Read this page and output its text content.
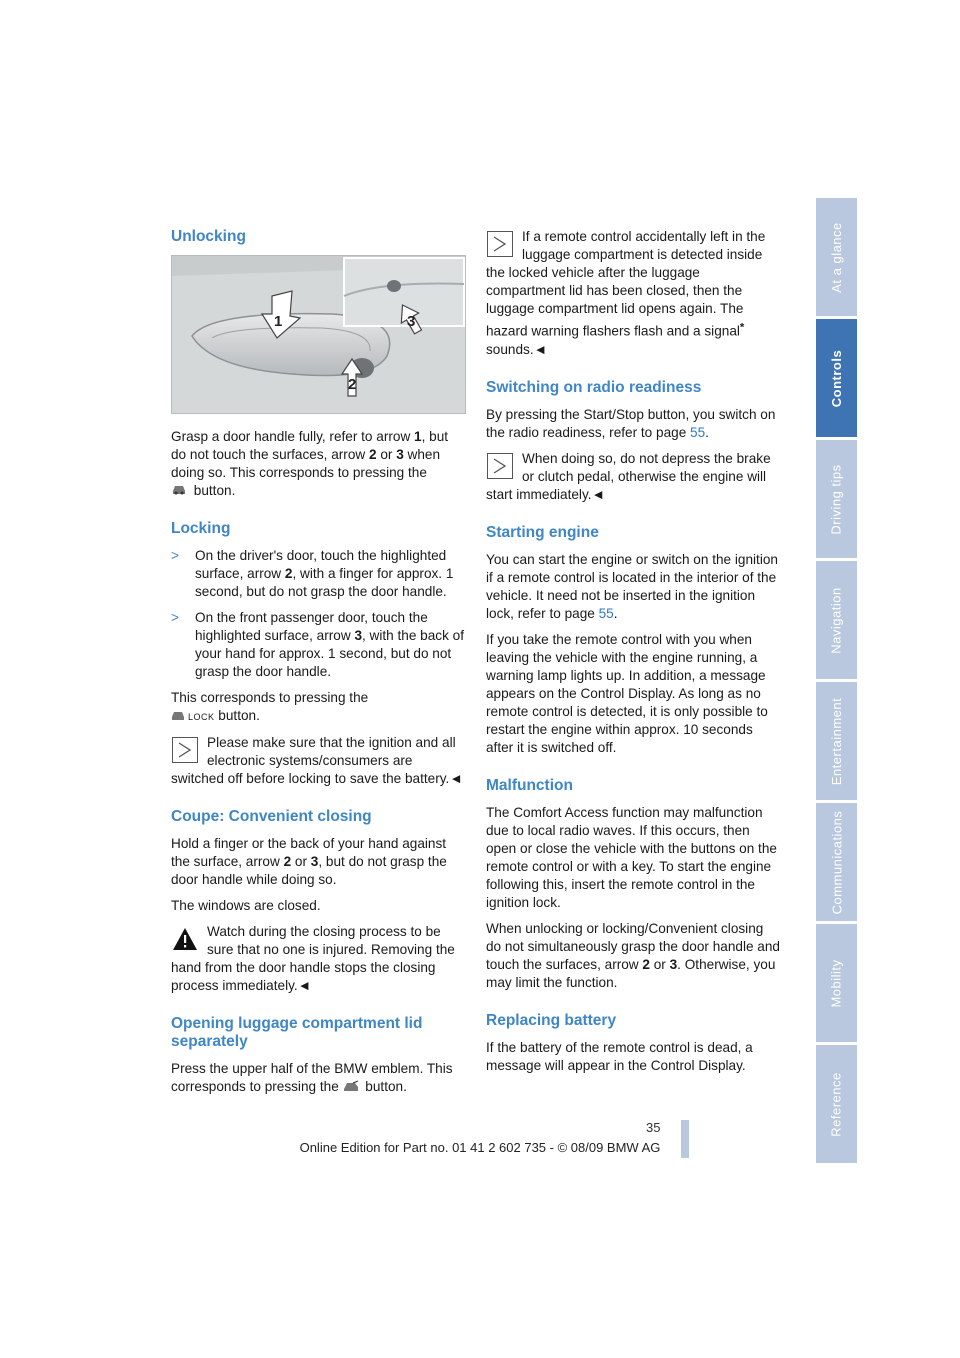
Unlocking
1
2
3

Grasp a door handle fully, refer to arrow 1, but do not touch the surfaces, arrow 2 or 3 when doing so. This corresponds to pressing the
button.

Locking
>	On the driver's door, touch the highlighted surface, arrow 2, with a finger for approx. 1 second, but do not grasp the door handle.
>	On the front passenger door, touch the highlighted surface, arrow 3, with the back of your hand for approx. 1 second, but do not grasp the door handle.

This corresponds to pressing the
LOCK button.

Please make sure that the ignition and all electronic systems/consumers are switched off before locking to save the battery.◄
Coupe: Convenient closing

Hold a finger or the back of your hand against the surface, arrow 2 or 3, but do not grasp the door handle while doing so.

The windows are closed.

Watch during the closing process to be sure that no one is injured. Removing the hand from the door handle stops the closing process immediately.◄
Opening luggage compartment lid separately

Press the upper half of the BMW emblem. This corresponds to pressing the  button.

If a remote control accidentally left in the luggage compartment is detected inside the locked vehicle after the luggage compartment lid has been closed, then the luggage compartment lid opens again. The hazard warning flashers flash and a signal* sounds.◄
Switching on radio readiness

By pressing the Start/Stop button, you switch on the radio readiness, refer to page 55.

When doing so, do not depress the brake or clutch pedal, otherwise the engine will start immediately.◄
Starting engine

You can start the engine or switch on the ignition if a remote control is located in the interior of the vehicle. It need not be inserted in the ignition lock, refer to page 55.

If you take the remote control with you when leaving the vehicle with the engine running, a warning lamp lights up. In addition, a message appears on the Control Display. As long as no remote control is detected, it is only possible to restart the engine within approx. 10 seconds after it is switched off.

Malfunction

The Comfort Access function may malfunction due to local radio waves. If this occurs, then open or close the vehicle with the buttons on the remote control or with a key. To start the engine following this, insert the remote control in the ignition lock.

When unlocking or locking/Convenient closing do not simultaneously grasp the door handle and touch the surfaces, arrow 2 or 3. Otherwise, you may limit the function.

Replacing battery

If the battery of the remote control is dead, a message will appear in the Control Display.

At a glance
Controls
Driving tips
Navigation
Entertainment
Communications
Mobility
Reference
35
Online Edition for Part no. 01 41 2 602 735 - © 08/09 BMW AG
